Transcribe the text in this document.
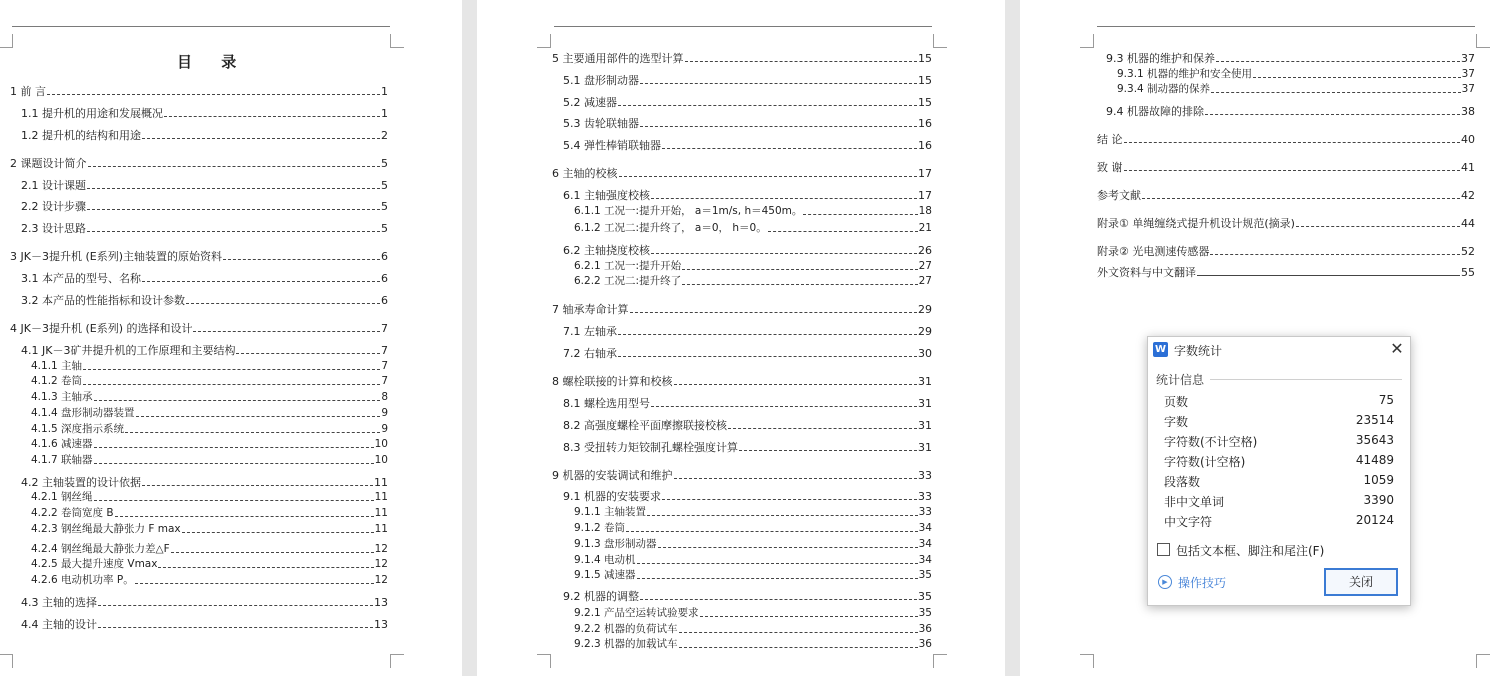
目 录
1 前 言	1
1.1 提升机的用途和发展概况	1
1.2 提升机的结构和用途	2
2 课题设计简介	5
2.1 设计课题	5
2.2 设计步骤	5
2.3 设计思路	5
3 JK－3提升机 (E系列)主轴装置的原始资料	6
3.1 本产品的型号、名称	6
3.2 本产品的性能指标和设计参数	6
4 JK－3提升机 (E系列) 的选择和设计	7
4.1 JK－3矿井提升机的工作原理和主要结构	7
4.1.1 主轴	7
4.1.2 卷筒	7
4.1.3 主轴承	8
4.1.4 盘形制动器装置	9
4.1.5 深度指示系统	9
4.1.6 减速器	10
4.1.7 联轴器	10
4.2 主轴装置的设计依据	11
4.2.1 钢丝绳	11
4.2.2 卷筒宽度 B	11
4.2.3 钢丝绳最大静张力 F max	11
4.2.4 钢丝绳最大静张力差△F	12
4.2.5 最大提升速度 Vmax	12
4.2.6 电动机功率 P。	12
4.3 主轴的选择	13
4.4 主轴的设计	13
5 主要通用部件的选型计算	15
5.1 盘形制动器	15
5.2 减速器	15
5.3 齿轮联轴器	16
5.4 弹性棒销联轴器	16
6 主轴的校核	17
6.1 主轴强度校核	17
6.1.1 工况一:提升开始， a＝1m/s, h＝450m。	18
6.1.2 工况二:提升终了， a＝0， h＝0。	21
6.2 主轴挠度校核	26
6.2.1 工况一:提升开始	27
6.2.2 工况二:提升终了	27
7 轴承寿命计算	29
7.1 左轴承	29
7.2 右轴承	30
8 螺栓联接的计算和校核	31
8.1 螺栓选用型号	31
8.2 高强度螺栓平面摩擦联接校核	31
8.3 受扭转力矩铰制孔螺栓强度计算	31
9 机器的安装调试和维护	33
9.1 机器的安装要求	33
9.1.1 主轴装置	33
9.1.2 卷筒	34
9.1.3 盘形制动器	34
9.1.4 电动机	34
9.1.5 减速器	35
9.2 机器的调整	35
9.2.1 产品空运转试验要求	35
9.2.2 机器的负荷试车	36
9.2.3 机器的加载试车	36
9.3 机器的维护和保养	37
9.3.1 机器的维护和安全使用	37
9.3.4 制动器的保养	37
9.4 机器故障的排除	38
结 论	40
致 谢	41
参考文献	42
附录① 单绳缠绕式提升机设计规范(摘录)	44
附录② 光电测速传感器	52
外文资料与中文翻译	55
W 字数统计	✕
统计信息
页数	75
字数	23514
字符数(不计空格)	35643
字符数(计空格)	41489
段落数	1059
非中文单词	3390
中文字符	20124
包括文本框、脚注和尾注(F)
▶ 操作技巧	关闭
